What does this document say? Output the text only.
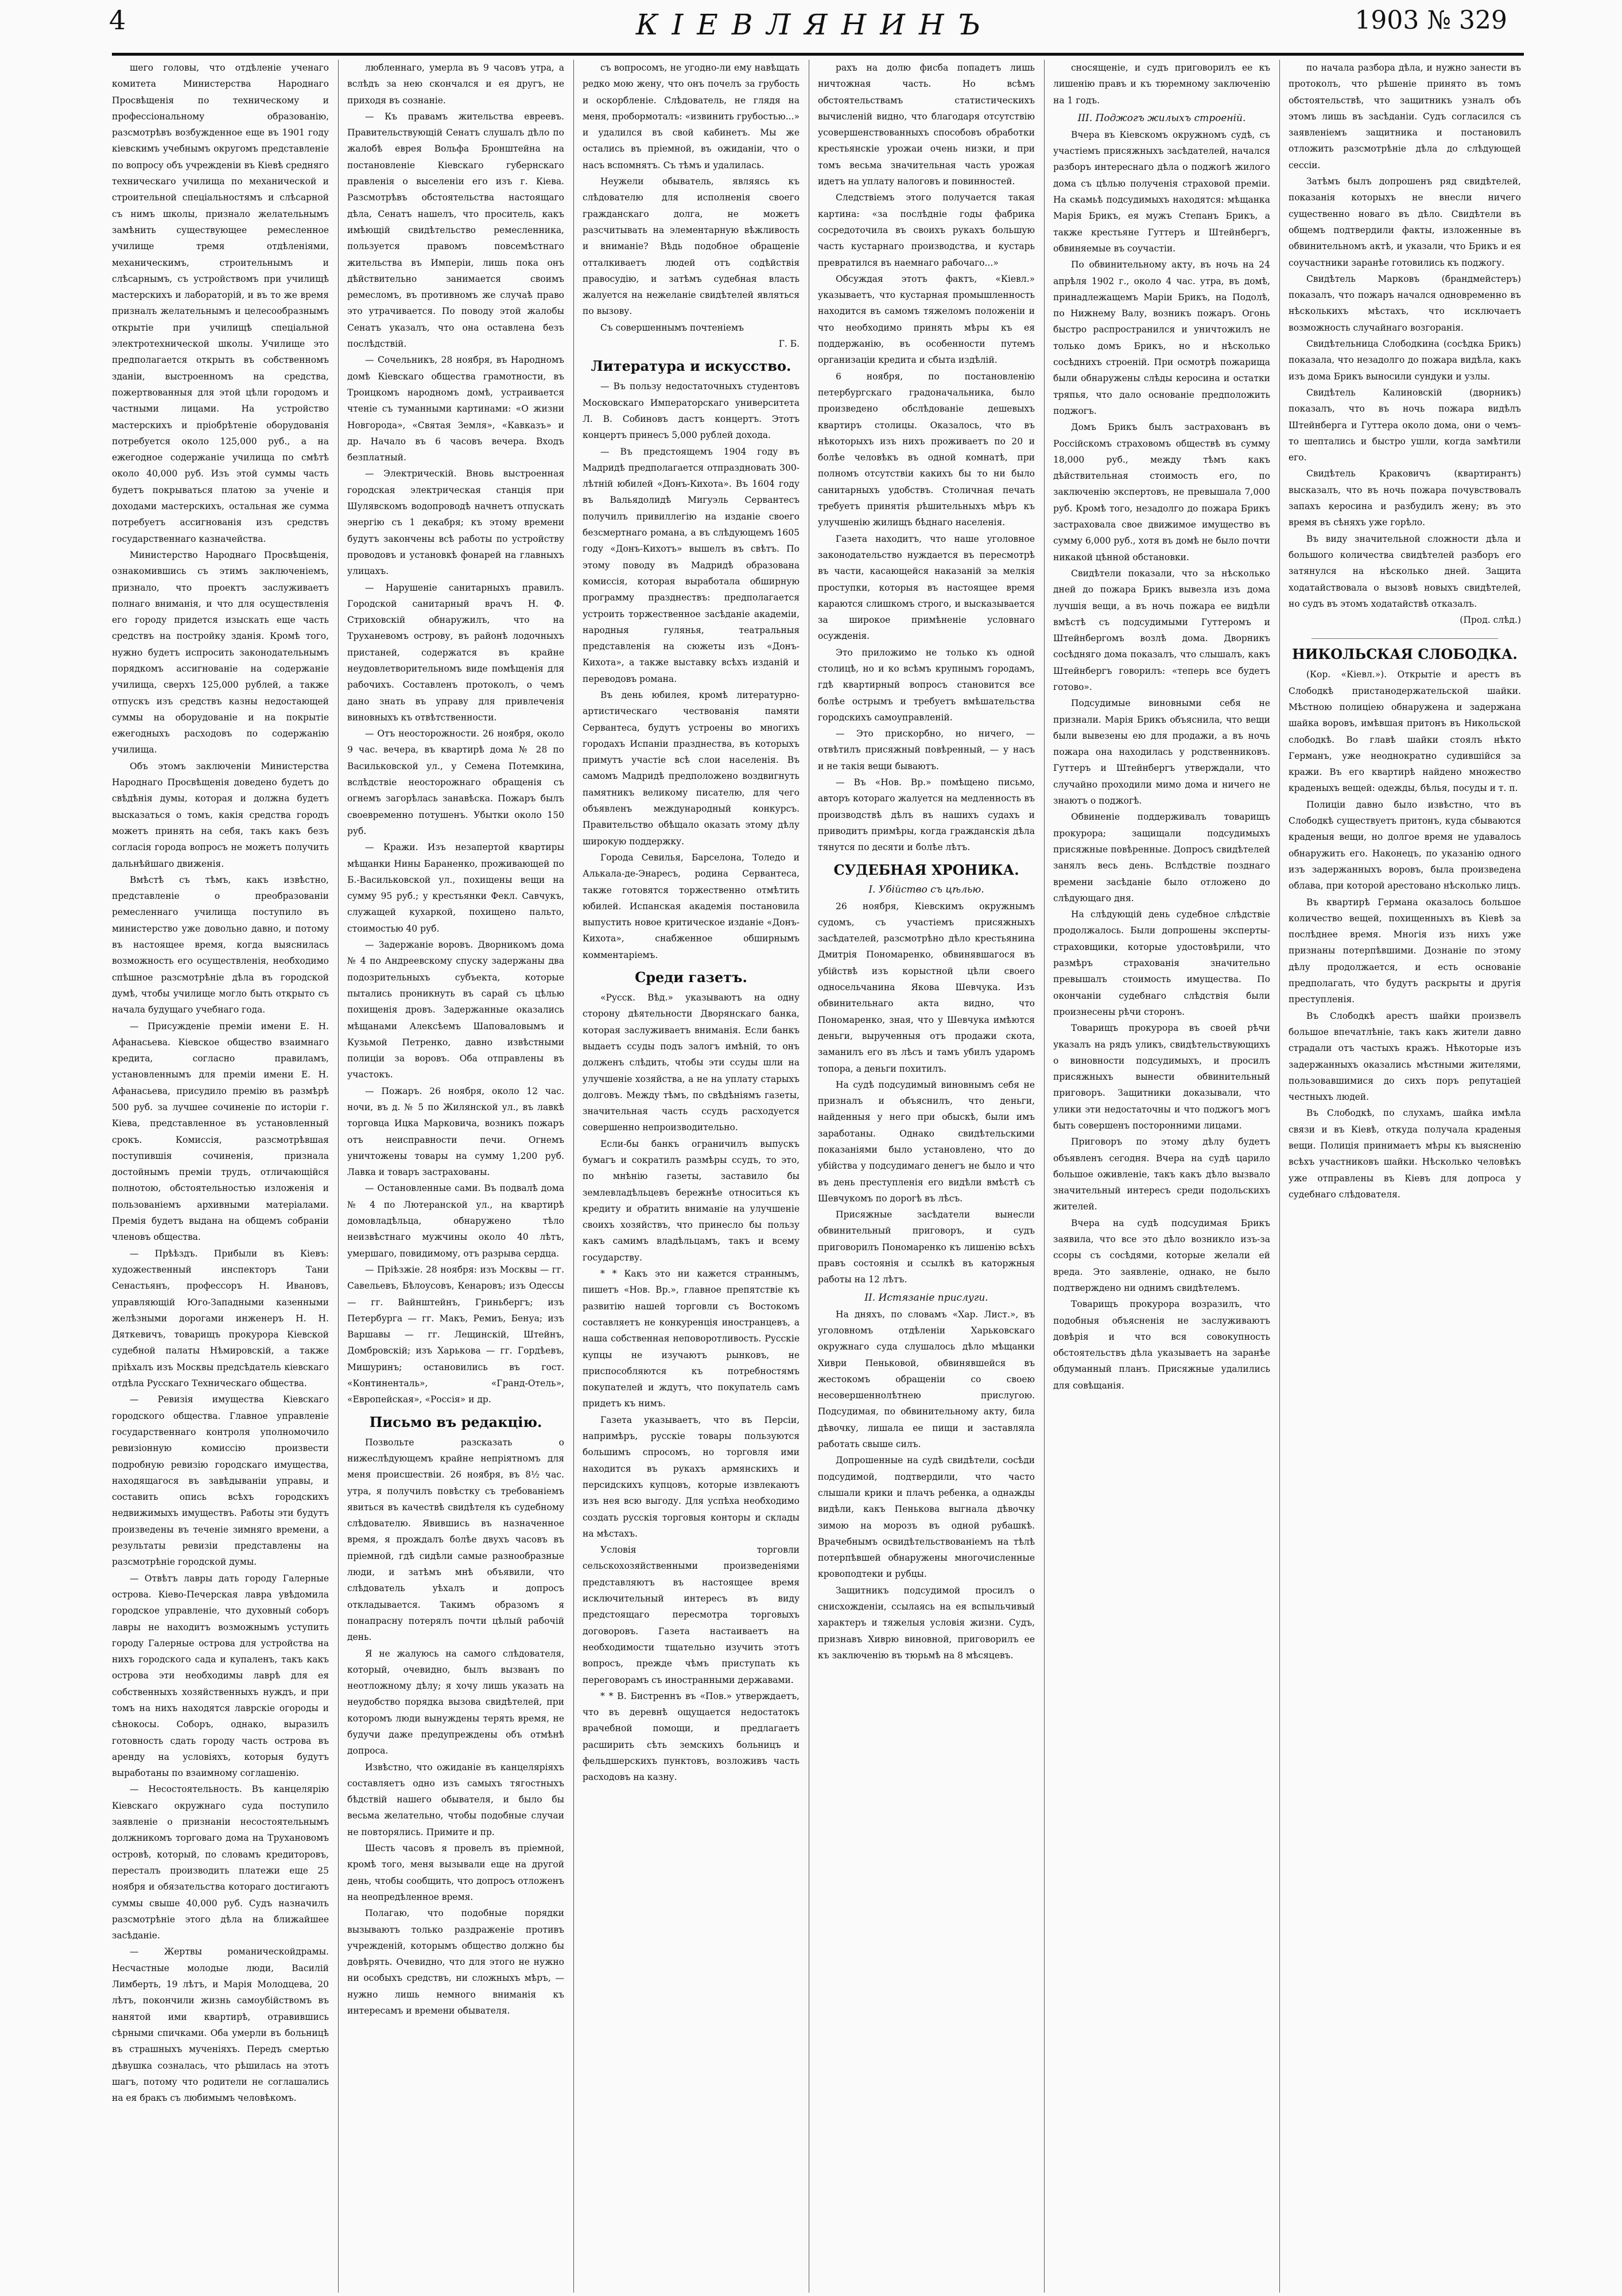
4	КІЕВЛЯНИНЪ	1903 № 329

шего головы, что отдѣленіе ученаго комитета Министерства Народнаго Просвѣщенія по техническому и профессіональному образованію, разсмотрѣвъ возбужденное еще въ 1901 году кіевскимъ учебнымъ округомъ представленіе по вопросу объ учрежденіи въ Кіевѣ средняго техническаго училища по механической и строительной спеціальностямъ и слѣсарной съ нимъ школы, признало желательнымъ замѣнить существующее ремесленное училище тремя отдѣленіями, механическимъ, строительнымъ и слѣсарнымъ, съ устройствомъ при училищѣ мастерскихъ и лабораторій, и въ то же время призналъ желательнымъ и целесообразнымъ открытіе при училищѣ спеціальной электротехнической школы. Училище это предполагается открыть въ собственномъ зданіи, выстроенномъ на средства, пожертвованныя для этой цѣли городомъ и частными лицами. На устройство мастерскихъ и пріобрѣтеніе оборудованія потребуется около 125,000 руб., а на ежегодное содержаніе училища по смѣтѣ около 40,000 руб. Изъ этой суммы часть будетъ покрываться платою за ученіе и доходами мастерскихъ, остальная же сумма потребуетъ ассигнованія изъ средствъ государственнаго казначейства.

Министерство Народнаго Просвѣщенія, ознакомившись съ этимъ заключеніемъ, признало, что проектъ заслуживаетъ полнаго вниманія, и что для осуществленія его городу придется изыскать еще часть средствъ на постройку зданія. Кромѣ того, нужно будетъ испросить законодательнымъ порядкомъ ассигнованіе на содержаніе училища, сверхъ 125,000 рублей, а также отпускъ изъ средствъ казны недостающей суммы на оборудованіе и на покрытіе ежегодныхъ расходовъ по содержанію училища.

Объ этомъ заключеніи Министерства Народнаго Просвѣщенія доведено будетъ до свѣдѣнія думы, которая и должна будетъ высказаться о томъ, какія средства городъ можетъ принять на себя, такъ какъ безъ согласія города вопросъ не можетъ получить дальнѣйшаго движенія.

Вмѣстѣ съ тѣмъ, какъ извѣстно, представленіе о преобразованіи ремесленнаго училища поступило въ министерство уже довольно давно, и потому въ настоящее время, когда выяснилась возможность его осуществленія, необходимо спѣшное разсмотрѣніе дѣла въ городской думѣ, чтобы училище могло быть открыто съ начала будущаго учебнаго года.

— Присужденіе преміи имени Е. Н. Афанасьева. Кіевское общество взаимнаго кредита, согласно правиламъ, установленнымъ для преміи имени Е. Н. Афанасьева, присудило премію въ размѣрѣ 500 руб. за лучшее сочиненіе по исторіи г. Кіева, представленное въ установленный срокъ. Комиссія, разсмотрѣвшая поступившія сочиненія, признала достойнымъ преміи трудъ, отличающійся полнотою, обстоятельностью изложенія и пользованіемъ архивными матеріалами. Премія будетъ выдана на общемъ собраніи членовъ общества.

— Прѣѣздъ. Прибыли въ Кіевъ: художественный инспекторъ Тани Сенастьянъ, профессоръ Н. Ивановъ, управляющій Юго-Западными казенными желѣзными дорогами инженеръ Н. Н. Дяткевичъ, товарищъ прокурора Кіевской судебной палаты Нѣмировскій, а также пріѣхалъ изъ Москвы предсѣдатель кіевскаго отдѣла Русскаго Техническаго общества.

— Ревизія имущества Кіевскаго городского общества. Главное управленіе государственнаго контроля уполномочило ревизіонную комиссію произвести подробную ревизію городскаго имущества, находящагося въ завѣдываніи управы, и составить опись всѣхъ городскихъ недвижимыхъ имуществъ. Работы эти будутъ произведены въ теченіе зимняго времени, а результаты ревизіи представлены на разсмотрѣніе городской думы.

— Отвѣтъ лавры дать городу Галерные острова. Кіево-Печерская лавра увѣдомила городское управленіе, что духовный соборъ лавры не находитъ возможнымъ уступить городу Галерные острова для устройства на нихъ городского сада и купаленъ, такъ какъ острова эти необходимы лаврѣ для ея собственныхъ хозяйственныхъ нуждъ, и при томъ на нихъ находятся лаврскіе огороды и сѣнокосы. Соборъ, однако, выразилъ готовность сдать городу часть острова въ аренду на условіяхъ, которыя будутъ выработаны по взаимному соглашенію.

— Несостоятельность. Въ канцелярію Кіевскаго окружнаго суда поступило заявленіе о признаніи несостоятельнымъ должникомъ торговаго дома на Трухановомъ островѣ, который, по словамъ кредиторовъ, пересталъ производить платежи еще 25 ноября и обязательства котораго достигаютъ суммы свыше 40,000 руб. Судъ назначилъ разсмотрѣніе этого дѣла на ближайшее засѣданіе.

— Жертвы романическойдрамы. Несчастные молодые люди, Василій Лимберть, 19 лѣтъ, и Марія Молодцева, 20 лѣтъ, покончили жизнь самоубійствомъ въ нанятой ими квартирѣ, отравившись сѣрными спичками. Оба умерли въ больницѣ въ страшныхъ мученіяхъ. Передъ смертью дѣвушка созналась, что рѣшилась на этотъ шагъ, потому что родители не соглашались на ея бракъ съ любимымъ человѣкомъ.

любленнаго, умерла въ 9 часовъ утра, а вслѣдъ за нею скончался и ея другъ, не приходя въ сознаніе.

— Къ правамъ жительства евреевъ. Правительствующій Сенатъ слушалъ дѣло по жалобѣ еврея Вольфа Бронштейна на постановленіе Кіевскаго губернскаго правленія о выселеніи его изъ г. Кіева. Разсмотрѣвъ обстоятельства настоящаго дѣла, Сенатъ нашелъ, что проситель, какъ имѣющій свидѣтельство ремесленника, пользуется правомъ повсемѣстнаго жительства въ Имперіи, лишь пока онъ дѣйствительно занимается своимъ ремесломъ, въ противномъ же случаѣ право это утрачивается. По поводу этой жалобы Сенатъ указалъ, что она оставлена безъ послѣдствій.

— Сочельникъ, 28 ноября, въ Народномъ домѣ Кіевскаго общества грамотности, въ Троицкомъ народномъ домѣ, устраивается чтеніе съ туманными картинами: «О жизни Новгорода», «Святая Земля», «Кавказъ» и др. Начало въ 6 часовъ вечера. Входъ безплатный.

— Электрическій. Вновь выстроенная городская электрическая станція при Шулявскомъ водопроводѣ начнетъ отпускать энергію съ 1 декабря; къ этому времени будутъ закончены всѣ работы по устройству проводовъ и установкѣ фонарей на главныхъ улицахъ.

— Нарушеніе санитарныхъ правилъ. Городской санитарный врачъ Н. Ф. Стриховскій обнаружилъ, что на Труханевомъ острову, въ районѣ лодочныхъ пристаней, содержатся въ крайне неудовлетворительномъ виде помѣщенія для рабочихъ. Составленъ протоколъ, о чемъ дано знать въ управу для привлеченія виновныхъ къ отвѣтственности.

— Отъ неосторожности. 26 ноября, около 9 час. вечера, въ квартирѣ дома № 28 по Васильковской ул., у Семена Потемкина, вслѣдствіе неосторожнаго обращенія съ огнемъ загорѣлась занавѣска. Пожаръ былъ своевременно потушенъ. Убытки около 150 руб.

— Кражи. Изъ незапертой квартиры мѣщанки Нины Бараненко, проживающей по Б.-Васильковской ул., похищены вещи на сумму 95 руб.; у крестьянки Фекл. Савчукъ, служащей кухаркой, похищено пальто, стоимостью 40 руб.

— Задержаніе воровъ. Дворникомъ дома № 4 по Андреевскому спуску задержаны два подозрительныхъ субъекта, которые пытались проникнуть въ сарай съ цѣлью похищенія дровъ. Задержанные оказались мѣщанами Алексѣемъ Шаповаловымъ и Кузьмой Петренко, давно извѣстными полиціи за воровъ. Оба отправлены въ участокъ.

— Пожаръ. 26 ноября, около 12 час. ночи, въ д. № 5 по Жилянской ул., въ лавкѣ торговца Ицка Марковича, возникъ пожаръ отъ неисправности печи. Огнемъ уничтожены товары на сумму 1,200 руб. Лавка и товаръ застрахованы.

— Остановленные сами. Въ подвалѣ дома № 4 по Лютеранской ул., на квартирѣ домовладѣльца, обнаружено тѣло неизвѣстнаго мужчины около 40 лѣтъ, умершаго, повидимому, отъ разрыва сердца.

— Пріѣзжіе. 28 ноября: изъ Москвы — гг. Савельевъ, Бѣлоусовъ, Кенаровъ; изъ Одессы — гг. Вайнштейнъ, Гриньбергъ; изъ Петербурга — гг. Макъ, Ремиъ, Бенуа; изъ Варшавы — гг. Лещинскій, Штейнъ, Домбровскій; изъ Харькова — гг. Гордѣевъ, Мишуринъ; остановились въ гост. «Континенталь», «Гранд-Отель», «Европейская», «Россія» и др.

Письмо въ редакцію.

Позвольте разсказать о нижеслѣдующемъ крайне непріятномъ для меня происшествіи. 26 ноября, въ 8½ час. утра, я получилъ повѣстку съ требованіемъ явиться въ качествѣ свидѣтеля къ судебному слѣдователю. Явившись въ назначенное время, я прождалъ болѣе двухъ часовъ въ пріемной, гдѣ сидѣли самые разнообразные люди, и затѣмъ мнѣ объявили, что слѣдователь уѣхалъ и допросъ откладывается. Такимъ образомъ я понапрасну потерялъ почти цѣлый рабочій день.

Я не жалуюсь на самого слѣдователя, который, очевидно, былъ вызванъ по неотложному дѣлу; я хочу лишь указать на неудобство порядка вызова свидѣтелей, при которомъ люди вынуждены терять время, не будучи даже предупреждены объ отмѣнѣ допроса.

Извѣстно, что ожиданіе въ канцеляріяхъ составляетъ одно изъ самыхъ тягостныхъ бѣдствій нашего обывателя, и было бы весьма желательно, чтобы подобные случаи не повторялись. Примите и пр.

Шесть часовъ я провелъ въ пріемной, кромѣ того, меня вызывали еще на другой день, чтобы сообщить, что допросъ отложенъ на неопредѣленное время.

Полагаю, что подобные порядки вызываютъ только раздраженіе противъ учрежденій, которымъ общество должно бы довѣрять. Очевидно, что для этого не нужно ни особыхъ средствъ, ни сложныхъ мѣръ, — нужно лишь немного вниманія къ интересамъ и времени обывателя.

съ вопросомъ, не угодно-ли ему навѣщать редко мою жену, что онъ почелъ за грубость и оскорбленіе. Слѣдователь, не глядя на меня, пробормоталъ: «извинить грубостью...» и удалился въ свой кабинетъ. Мы же остались въ пріемной, въ ожиданіи, что о насъ вспомнятъ. Съ тѣмъ и удалилась.

Неужели обыватель, являясь къ слѣдователю для исполненія своего гражданскаго долга, не можетъ разсчитывать на элементарную вѣжливость и вниманіе? Вѣдь подобное обращеніе отталкиваетъ людей отъ содѣйствія правосудію, и затѣмъ судебная власть жалуется на нежеланіе свидѣтелей являться по вызову.

Съ совершеннымъ почтеніемъ

Г. Б.

Литература и искусство.

— Въ пользу недостаточныхъ студентовъ Московскаго Императорскаго университета Л. В. Собиновъ дастъ концертъ. Этотъ концертъ принесъ 5,000 рублей дохода.

— Въ предстоящемъ 1904 году въ Мадридѣ предполагается отпраздновать 300-лѣтній юбилей «Донъ-Кихота». Въ 1604 году въ Вальядолидѣ Мигуэль Сервантесъ получилъ привиллегію на изданіе своего безсмертнаго романа, а въ слѣдующемъ 1605 году «Донъ-Кихотъ» вышелъ въ свѣтъ. По этому поводу въ Мадридѣ образована комиссія, которая выработала обширную программу празднествъ: предполагается устроить торжественное засѣданіе академіи, народныя гулянья, театральныя представленія на сюжеты изъ «Донъ-Кихота», а также выставку всѣхъ изданій и переводовъ романа.

Въ день юбилея, кромѣ литературно-артистическаго чествованія памяти Сервантеса, будутъ устроены во многихъ городахъ Испаніи празднества, въ которыхъ примутъ участіе всѣ слои населенія. Въ самомъ Мадридѣ предположено воздвигнуть памятникъ великому писателю, для чего объявленъ международный конкурсъ. Правительство обѣщало оказать этому дѣлу широкую поддержку.

Города Севилья, Барселона, Толедо и Алькала-де-Энаресъ, родина Сервантеса, также готовятся торжественно отмѣтить юбилей. Испанская академія постановила выпустить новое критическое изданіе «Донъ-Кихота», снабженное обширнымъ комментаріемъ.

Среди газетъ.

«Русск. Вѣд.» указываютъ на одну сторону дѣятельности Дворянскаго банка, которая заслуживаетъ вниманія. Если банкъ выдаетъ ссуды подъ залогъ имѣній, то онъ долженъ слѣдить, чтобы эти ссуды шли на улучшеніе хозяйства, а не на уплату старыхъ долговъ. Между тѣмъ, по свѣдѣніямъ газеты, значительная часть ссудъ расходуется совершенно непроизводительно.

Если-бы банкъ ограничилъ выпускъ бумагъ и сократилъ размѣры ссудъ, то это, по мнѣнію газеты, заставило бы землевладѣльцевъ бережнѣе относиться къ кредиту и обратить вниманіе на улучшеніе своихъ хозяйствъ, что принесло бы пользу какъ самимъ владѣльцамъ, такъ и всему государству.

* * Какъ это ни кажется страннымъ, пишетъ «Нов. Вр.», главное препятствіе къ развитію нашей торговли съ Востокомъ составляетъ не конкуренція иностранцевъ, а наша собственная неповоротливость. Русскіе купцы не изучаютъ рынковъ, не приспособляются къ потребностямъ покупателей и ждутъ, что покупатель самъ придетъ къ нимъ.

Газета указываетъ, что въ Персіи, напримѣръ, русскіе товары пользуются большимъ спросомъ, но торговля ими находится въ рукахъ армянскихъ и персидскихъ купцовъ, которые извлекаютъ изъ нея всю выгоду. Для успѣха необходимо создать русскія торговыя конторы и склады на мѣстахъ.

Условія торговли сельскохозяйственными произведеніями представляютъ въ настоящее время исключительный интересъ въ виду предстоящаго пересмотра торговыхъ договоровъ. Газета настаиваетъ на необходимости тщательно изучить этотъ вопросъ, прежде чѣмъ приступать къ переговорамъ съ иностранными державами.

* * В. Бистреннъ въ «Пов.» утверждаетъ, что въ деревнѣ ощущается недостатокъ врачебной помощи, и предлагаетъ расширить сѣть земскихъ больницъ и фельдшерскихъ пунктовъ, возложивъ часть расходовъ на казну.

рахъ на долю фисба попадетъ лишь ничтожная часть. Но всѣмъ обстоятельствамъ статистическихъ вычисленій видно, что благодаря отсутствію усовершенствованныхъ способовъ обработки крестьянскіе урожаи очень низки, и при томъ весьма значительная часть урожая идетъ на уплату налоговъ и повинностей.

Следствіемъ этого получается такая картина: «за послѣдніе годы фабрика сосредоточила въ своихъ рукахъ большую часть кустарнаго производства, и кустарь превратился въ наемнаго рабочаго...»

Обсуждая этотъ фактъ, «Кіевл.» указываетъ, что кустарная промышленность находится въ самомъ тяжеломъ положеніи и что необходимо принять мѣры къ ея поддержанію, въ особенности путемъ организаціи кредита и сбыта издѣлій.

6 ноября, по постановленію петербургскаго градоначальника, было произведено обслѣдованіе дешевыхъ квартиръ столицы. Оказалось, что въ нѣкоторыхъ изъ нихъ проживаетъ по 20 и болѣе человѣкъ въ одной комнатѣ, при полномъ отсутствіи какихъ бы то ни было санитарныхъ удобствъ. Столичная печать требуетъ принятія рѣшительныхъ мѣръ къ улучшенію жилищъ бѣднаго населенія.

Газета находитъ, что наше уголовное законодательство нуждается въ пересмотрѣ въ части, касающейся наказаній за мелкія проступки, которыя въ настоящее время караются слишкомъ строго, и высказывается за широкое примѣненіе условнаго осужденія.

Это приложимо не только къ одной столицѣ, но и ко всѣмъ крупнымъ городамъ, гдѣ квартирный вопросъ становится все болѣе острымъ и требуетъ вмѣшательства городскихъ самоуправленій.

— Это прискорбно, но ничего, — отвѣтилъ присяжный повѣренный, — у насъ и не такія вещи бываютъ.

— Въ «Нов. Вр.» помѣщено письмо, авторъ котораго жалуется на медленность въ производствѣ дѣлъ въ нашихъ судахъ и приводитъ примѣры, когда гражданскія дѣла тянутся по десяти и болѣе лѣтъ.

СУДЕБНАЯ ХРОНИКА.
I. Убійство съ цѣлью.

26 ноября, Кіевскимъ окружнымъ судомъ, съ участіемъ присяжныхъ засѣдателей, разсмотрѣно дѣло крестьянина Дмитрія Пономаренко, обвинявшагося въ убійствѣ изъ корыстной цѣли своего односельчанина Якова Шевчука. Изъ обвинительнаго акта видно, что Пономаренко, зная, что у Шевчука имѣются деньги, вырученныя отъ продажи скота, заманилъ его въ лѣсъ и тамъ убилъ ударомъ топора, а деньги похитилъ.

На судѣ подсудимый виновнымъ себя не призналъ и объяснилъ, что деньги, найденныя у него при обыскѣ, были имъ заработаны. Однако свидѣтельскими показаніями было установлено, что до убійства у подсудимаго денегъ не было и что въ день преступленія его видѣли вмѣстѣ съ Шевчукомъ по дорогѣ въ лѣсъ.

Присяжные засѣдатели вынесли обвинительный приговоръ, и судъ приговорилъ Пономаренко къ лишенію всѣхъ правъ состоянія и ссылкѣ въ каторжныя работы на 12 лѣтъ.

II. Истязаніе прислуги.

На дняхъ, по словамъ «Хар. Лист.», въ уголовномъ отдѣленіи Харьковскаго окружнаго суда слушалось дѣло мѣщанки Хиври Пеньковой, обвинявшейся въ жестокомъ обращеніи со своею несовершеннолѣтнею прислугою. Подсудимая, по обвинительному акту, била дѣвочку, лишала ее пищи и заставляла работать свыше силъ.

Допрошенные на судѣ свидѣтели, сосѣди подсудимой, подтвердили, что часто слышали крики и плачъ ребенка, а однажды видѣли, какъ Пенькова выгнала дѣвочку зимою на морозъ въ одной рубашкѣ. Врачебнымъ освидѣтельствованіемъ на тѣлѣ потерпѣвшей обнаружены многочисленные кровоподтеки и рубцы.

Защитникъ подсудимой просилъ о снисхожденіи, ссылаясь на ея вспыльчивый характеръ и тяжелыя условія жизни. Судъ, признавъ Хиврю виновной, приговорилъ ее къ заключенію въ тюрьмѣ на 8 мѣсяцевъ.

сносященіе, и судъ приговорилъ ее къ лишенію правъ и къ тюремному заключенію на 1 годъ.

III. Поджогъ жилыхъ строеній.

Вчера въ Кіевскомъ окружномъ судѣ, съ участіемъ присяжныхъ засѣдателей, начался разборъ интереснаго дѣла о поджогѣ жилого дома съ цѣлью полученія страховой преміи. На скамьѣ подсудимыхъ находятся: мѣщанка Марія Брикъ, ея мужъ Степанъ Брикъ, а также крестьяне Гуттеръ и Штейнбергъ, обвиняемые въ соучастіи.

По обвинительному акту, въ ночь на 24 апрѣля 1902 г., около 4 час. утра, въ домѣ, принадлежащемъ Маріи Брикъ, на Подолѣ, по Нижнему Валу, возникъ пожаръ. Огонь быстро распространился и уничтожилъ не только домъ Брикъ, но и нѣсколько сосѣднихъ строеній. При осмотрѣ пожарища были обнаружены слѣды керосина и остатки тряпья, что дало основаніе предположить поджогъ.

Домъ Брикъ былъ застрахованъ въ Россійскомъ страховомъ обществѣ въ сумму 18,000 руб., между тѣмъ какъ дѣйствительная стоимость его, по заключенію экспертовъ, не превышала 7,000 руб. Кромѣ того, незадолго до пожара Брикъ застраховала свое движимое имущество въ сумму 6,000 руб., хотя въ домѣ не было почти никакой цѣнной обстановки.

Свидѣтели показали, что за нѣсколько дней до пожара Брикъ вывезла изъ дома лучшія вещи, а въ ночь пожара ее видѣли вмѣстѣ съ подсудимыми Гуттеромъ и Штейнбергомъ возлѣ дома. Дворникъ сосѣдняго дома показалъ, что слышалъ, какъ Штейнбергъ говорилъ: «теперь все будетъ готово».

Подсудимые виновными себя не признали. Марія Брикъ объяснила, что вещи были вывезены ею для продажи, а въ ночь пожара она находилась у родственниковъ. Гуттеръ и Штейнбергъ утверждали, что случайно проходили мимо дома и ничего не знаютъ о поджогѣ.

Обвиненіе поддерживалъ товарищъ прокурора; защищали подсудимыхъ присяжные повѣренные. Допросъ свидѣтелей занялъ весь день. Вслѣдствіе позднаго времени засѣданіе было отложено до слѣдующаго дня.

На слѣдующій день судебное слѣдствіе продолжалось. Были допрошены эксперты-страховщики, которые удостовѣрили, что размѣръ страхованія значительно превышалъ стоимость имущества. По окончаніи судебнаго слѣдствія были произнесены рѣчи сторонъ.

Товарищъ прокурора въ своей рѣчи указалъ на рядъ уликъ, свидѣтельствующихъ о виновности подсудимыхъ, и просилъ присяжныхъ вынести обвинительный приговоръ. Защитники доказывали, что улики эти недостаточны и что поджогъ могъ быть совершенъ посторонними лицами.

Приговоръ по этому дѣлу будетъ объявленъ сегодня. Вчера на судѣ царило большое оживленіе, такъ какъ дѣло вызвало значительный интересъ среди подольскихъ жителей.

Вчера на судѣ подсудимая Брикъ заявила, что все это дѣло возникло изъ-за ссоры съ сосѣдями, которые желали ей вреда. Это заявленіе, однако, не было подтверждено ни однимъ свидѣтелемъ.

Товарищъ прокурора возразилъ, что подобныя объясненія не заслуживаютъ довѣрія и что вся совокупность обстоятельствъ дѣла указываетъ на заранѣе обдуманный планъ. Присяжные удалились для совѣщанія.

по начала разбора дѣла, и нужно занести въ протоколъ, что рѣшеніе принято въ томъ обстоятельствѣ, что защитникъ узналъ объ этомъ лишь въ засѣданіи. Судъ согласился съ заявленіемъ защитника и постановилъ отложить разсмотрѣніе дѣла до слѣдующей сессіи.

Затѣмъ былъ допрошенъ ряд свидѣтелей, показанія которыхъ не внесли ничего существенно новаго въ дѣло. Свидѣтели въ общемъ подтвердили факты, изложенные въ обвинительномъ актѣ, и указали, что Брикъ и ея соучастники заранѣе готовились къ поджогу.

Свидѣтель Марковъ (брандмейстеръ) показалъ, что пожаръ начался одновременно въ нѣсколькихъ мѣстахъ, что исключаетъ возможность случайнаго возгоранія.

Свидѣтельница Слободкина (сосѣдка Брикъ) показала, что незадолго до пожара видѣла, какъ изъ дома Брикъ выносили сундуки и узлы.

Свидѣтель Калиновскій (дворникъ) показалъ, что въ ночь пожара видѣлъ Штейнберга и Гуттера около дома, они о чемъ-то шептались и быстро ушли, когда замѣтили его.

Свидѣтель Краковичъ (квартирантъ) высказалъ, что въ ночь пожара почувствовалъ запахъ керосина и разбудилъ жену; въ это время въ сѣняхъ уже горѣло.

Въ виду значительной сложности дѣла и большого количества свидѣтелей разборъ его затянулся на нѣсколько дней. Защита ходатайствовала о вызовѣ новыхъ свидѣтелей, но судъ въ этомъ ходатайствѣ отказалъ.

(Прод. слѣд.)

НИКОЛЬСКАЯ СЛОБОДКА.

(Кор. «Кіевл.»). Открытіе и арестъ въ Слободкѣ пристанодержательской шайки. Мѣстною полиціею обнаружена и задержана шайка воровъ, имѣвшая притонъ въ Никольской слободкѣ. Во главѣ шайки стоялъ нѣкто Германъ, уже неоднократно судившійся за кражи. Въ его квартирѣ найдено множество краденыхъ вещей: одежды, бѣлья, посуды и т. п.

Полиціи давно было извѣстно, что въ Слободкѣ существуетъ притонъ, куда сбываются краденыя вещи, но долгое время не удавалось обнаружить его. Наконецъ, по указанію одного изъ задержанныхъ воровъ, была произведена облава, при которой арестовано нѣсколько лицъ.

Въ квартирѣ Германа оказалось большое количество вещей, похищенныхъ въ Кіевѣ за послѣднее время. Многія изъ нихъ уже признаны потерпѣвшими. Дознаніе по этому дѣлу продолжается, и есть основаніе предполагать, что будутъ раскрыты и другія преступленія.

Въ Слободкѣ арестъ шайки произвелъ большое впечатлѣніе, такъ какъ жители давно страдали отъ частыхъ кражъ. Нѣкоторые изъ задержанныхъ оказались мѣстными жителями, пользовавшимися до сихъ поръ репутаціей честныхъ людей.

Въ Слободкѣ, по слухамъ, шайка имѣла связи и въ Кіевѣ, откуда получала краденыя вещи. Полиція принимаетъ мѣры къ выясненію всѣхъ участниковъ шайки. Нѣсколько человѣкъ уже отправлены въ Кіевъ для допроса у судебнаго слѣдователя.
